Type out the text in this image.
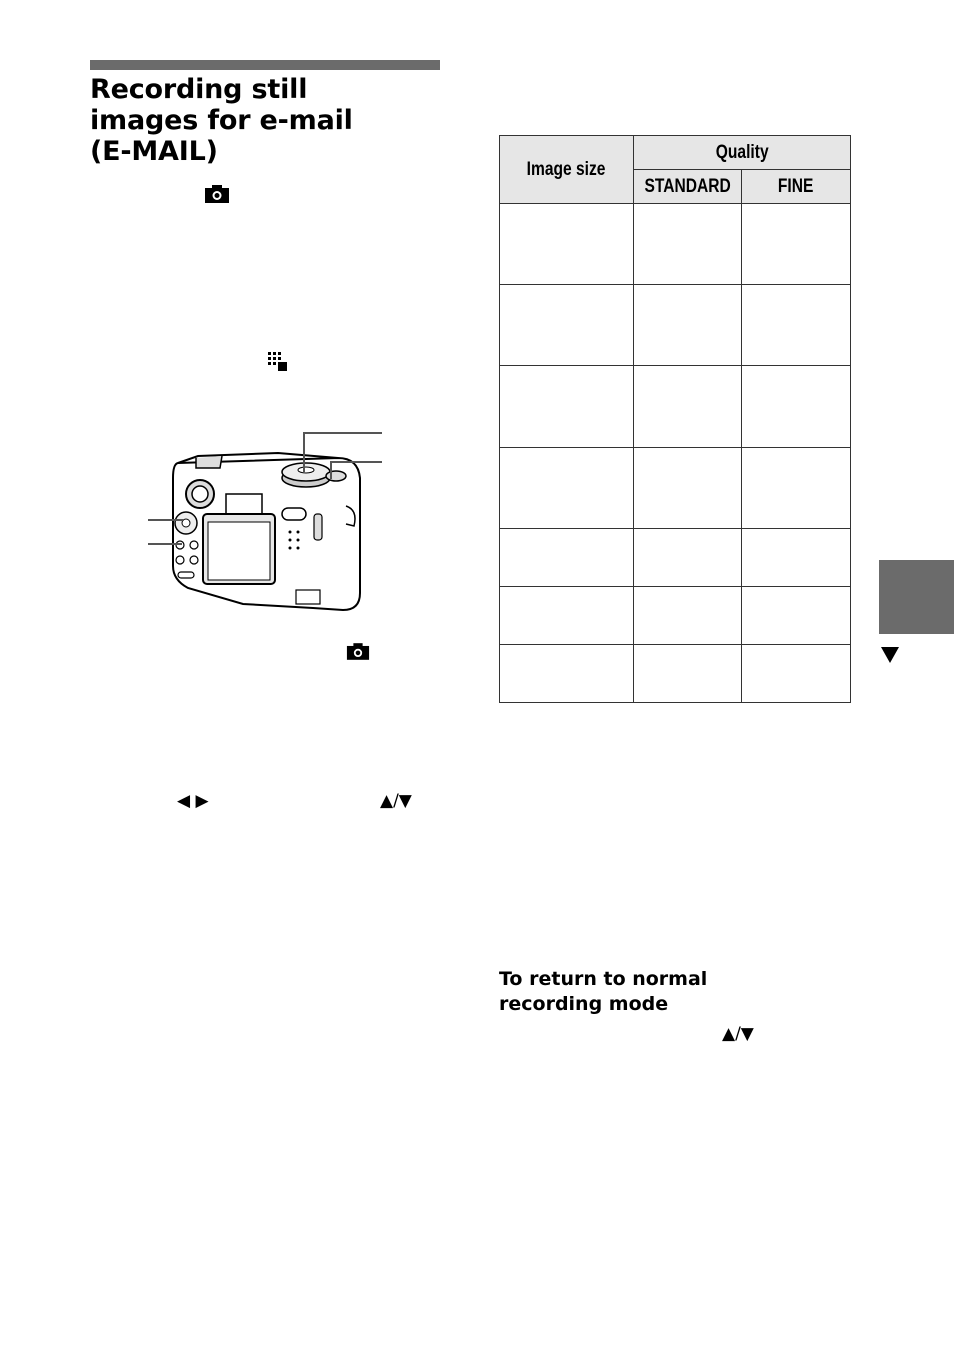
Recording still
images for e-mail
(E-MAIL)
◀ ▶	▲/▼
Image size	Quality	
	STANDARD	FINE

To return to normal
recording mode
▲/▼
